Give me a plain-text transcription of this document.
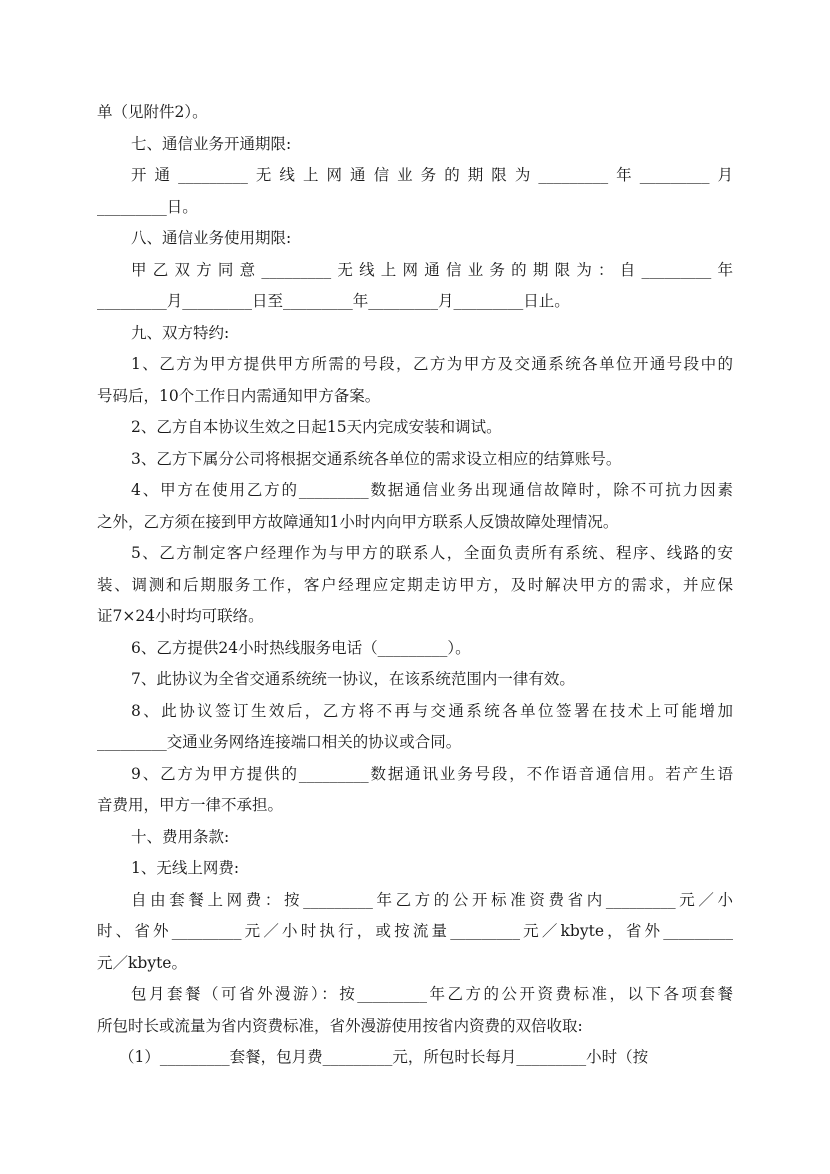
单（见附件2）。
七、通信业务开通期限:
开通_________无线上网通信业务的期限为_________年_________月
_________日。
八、通信业务使用期限:
甲乙双方同意_________无线上网通信业务的期限为：自_________年
_________月_________日至_________年_________月_________日止。
九、双方特约:
1、乙方为甲方提供甲方所需的号段，乙方为甲方及交通系统各单位开通号段中的
号码后，10个工作日内需通知甲方备案。
2、乙方自本协议生效之日起15天内完成安装和调试。
3、乙方下属分公司将根据交通系统各单位的需求设立相应的结算账号。
4、甲方在使用乙方的_________数据通信业务出现通信故障时，除不可抗力因素
之外，乙方须在接到甲方故障通知1小时内向甲方联系人反馈故障处理情况。
5、乙方制定客户经理作为与甲方的联系人，全面负责所有系统、程序、线路的安
装、调测和后期服务工作，客户经理应定期走访甲方，及时解决甲方的需求，并应保
证7×24小时均可联络。
6、乙方提供24小时热线服务电话（_________）。
7、此协议为全省交通系统统一协议，在该系统范围内一律有效。
8、此协议签订生效后，乙方将不再与交通系统各单位签署在技术上可能增加
_________交通业务网络连接端口相关的协议或合同。
9、乙方为甲方提供的_________数据通讯业务号段，不作语音通信用。若产生语
音费用，甲方一律不承担。
十、费用条款:
1、无线上网费:
自由套餐上网费：按_________年乙方的公开标准资费省内_________元／小
时、省外_________元／小时执行，或按流量_________元／kbyte，省外_________
元／kbyte。
包月套餐（可省外漫游）：按_________年乙方的公开资费标准，以下各项套餐
所包时长或流量为省内资费标准，省外漫游使用按省内资费的双倍收取:
（1）_________套餐，包月费_________元，所包时长每月_________小时（按
